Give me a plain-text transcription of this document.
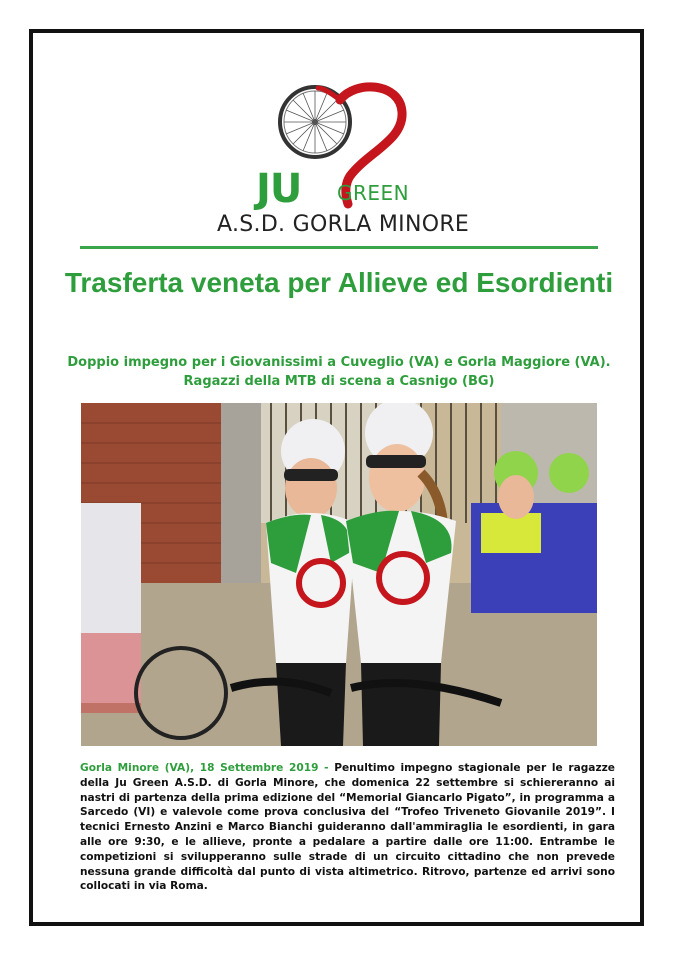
JU GREEN
A.S.D. GORLA MINORE
Trasferta veneta per Allieve ed Esordienti
Doppio impegno per i Giovanissimi a Cuveglio (VA) e Gorla Maggiore (VA). Ragazzi della MTB di scena a Casnigo (BG)
Gorla Minore (VA), 18 Settembre 2019 - Penultimo impegno stagionale per le ragazze della Ju Green A.S.D. di Gorla Minore, che domenica 22 settembre si schiereranno ai nastri di partenza della prima edizione del “Memorial Giancarlo Pigato”, in programma a Sarcedo (VI) e valevole come prova conclusiva del “Trofeo Triveneto Giovanile 2019”. I tecnici Ernesto Anzini e Marco Bianchi guideranno dall'ammiraglia le esordienti, in gara alle ore 9:30, e le allieve, pronte a pedalare a partire dalle ore 11:00. Entrambe le competizioni si svilupperanno sulle strade di un circuito cittadino che non prevede nessuna grande difficoltà dal punto di vista altimetrico. Ritrovo, partenze ed arrivi sono collocati in via Roma.
